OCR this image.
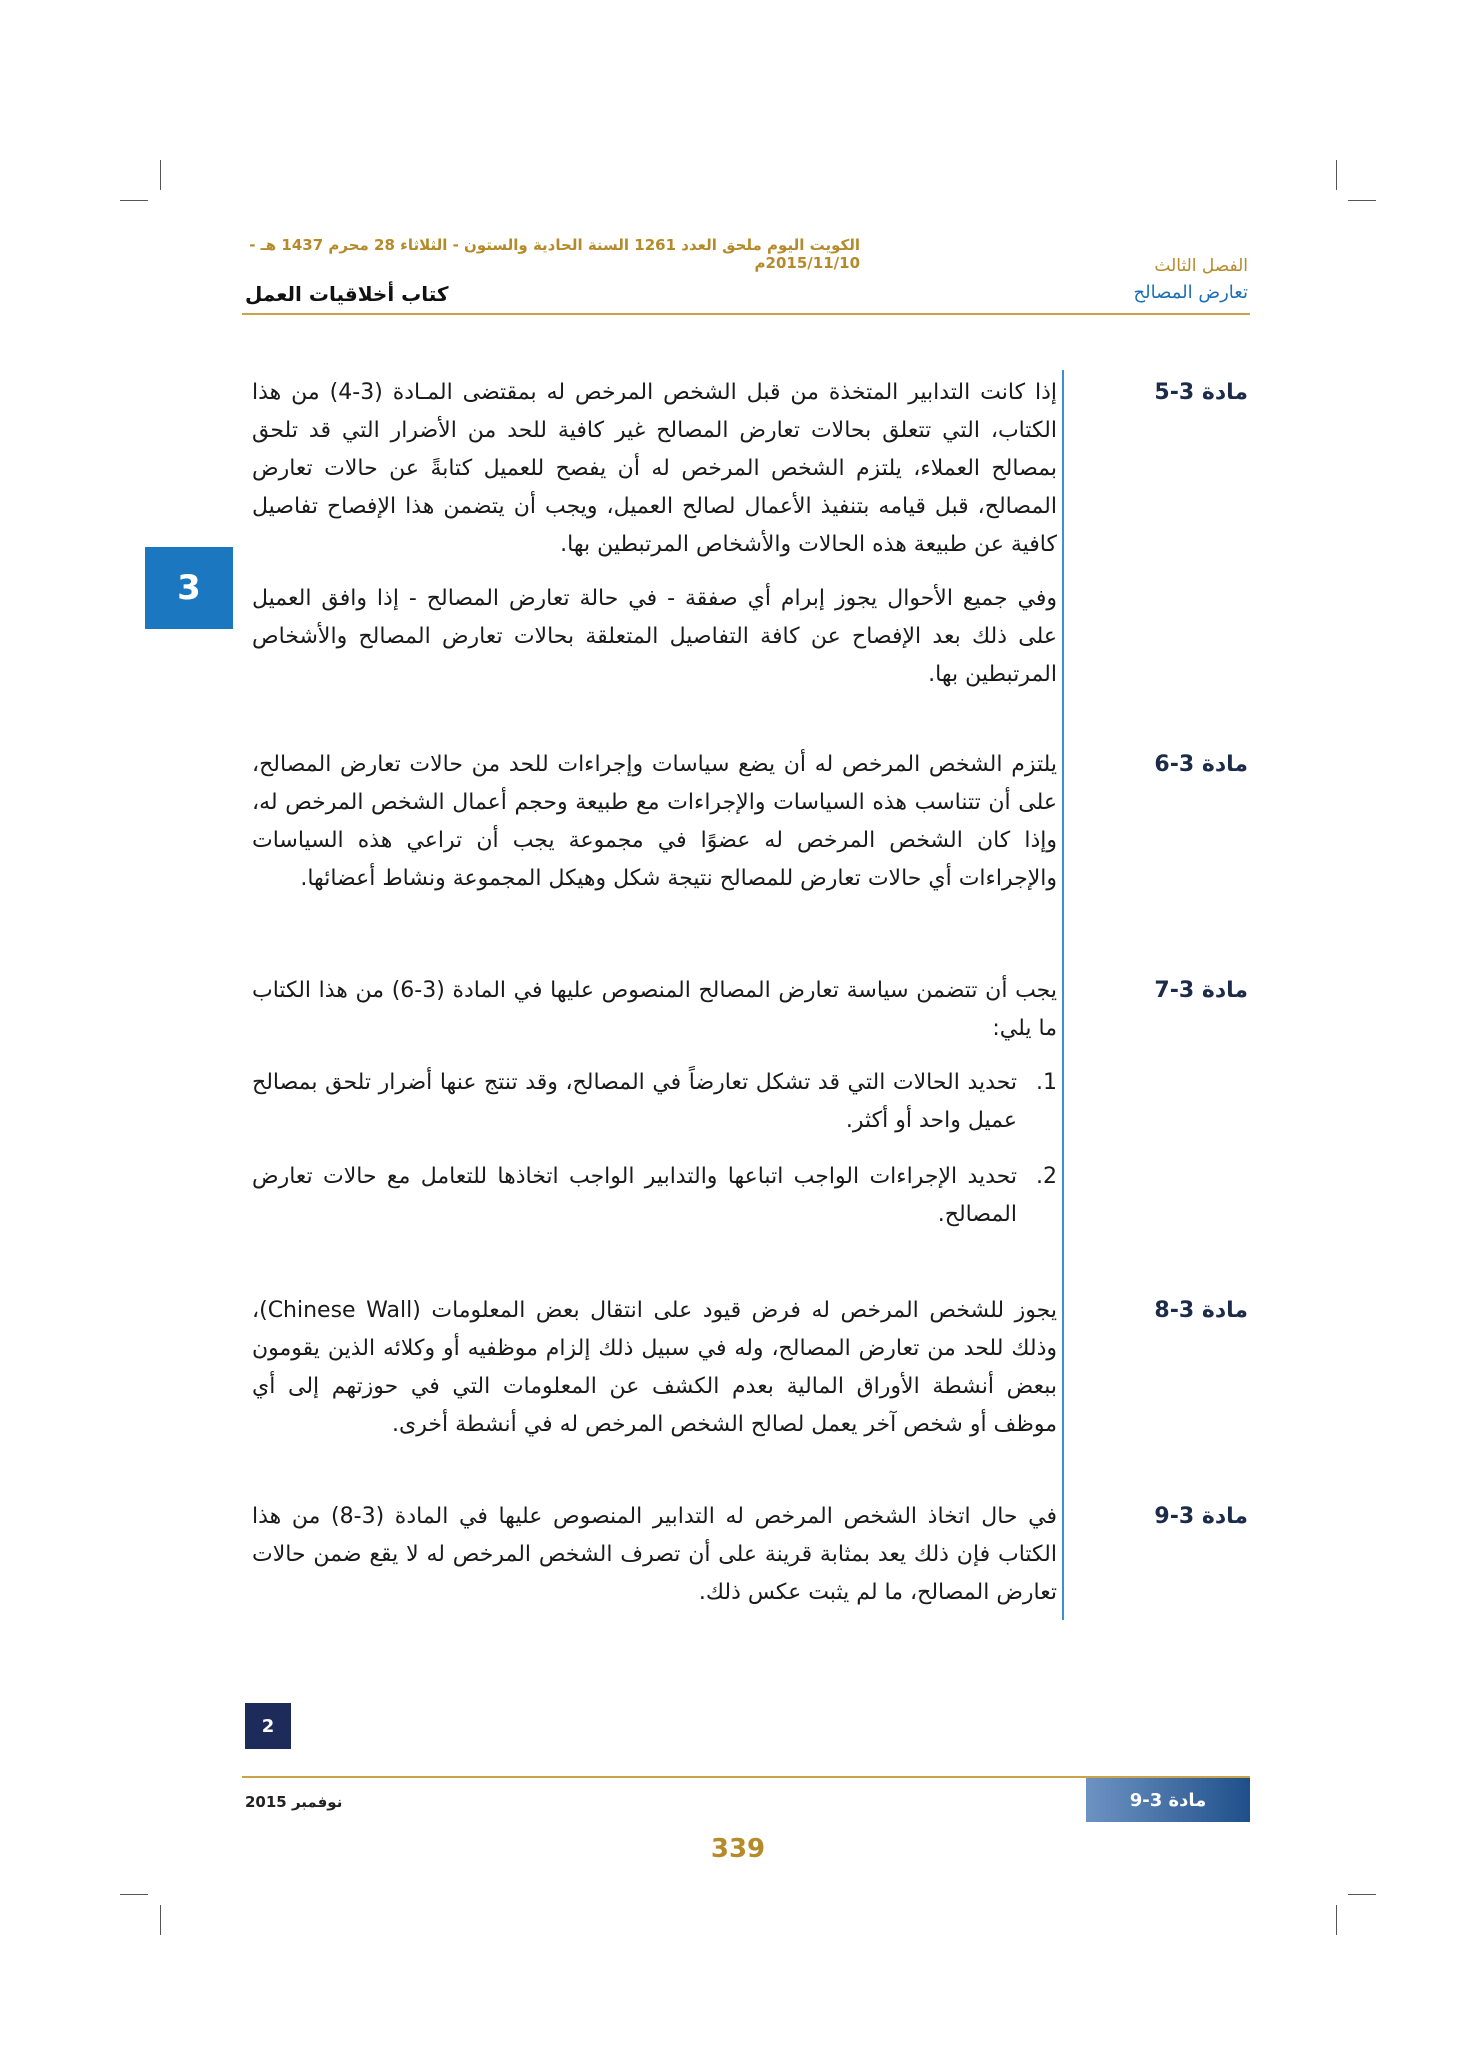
الكويت اليوم ملحق العدد 1261 السنة الحادية والستون - الثلاثاء 28 محرم 1437 هـ - 2015/11/10م	الفصل الثالث
تعارض المصالح
كتاب أخلاقيات العمل
3
مادة 3-5

إذا كانت التدابير المتخذة من قبل الشخص المرخص له بمقتضى المـادة (3-4) من هذا الكتاب، التي تتعلق بحالات تعارض المصالح غير كافية للحد من الأضرار التي قد تلحق بمصالح العملاء، يلتزم الشخص المرخص له أن يفصح للعميل كتابةً عن حالات تعارض المصالح، قبل قيامه بتنفيذ الأعمال لصالح العميل، ويجب أن يتضمن هذا الإفصاح تفاصيل كافية عن طبيعة هذه الحالات والأشخاص المرتبطين بها.

وفي جميع الأحوال يجوز إبرام أي صفقة - في حالة تعارض المصالح - إذا وافق العميل على ذلك بعد الإفصاح عن كافة التفاصيل المتعلقة بحالات تعارض المصالح والأشخاص المرتبطين بها.

مادة 3-6

يلتزم الشخص المرخص له أن يضع سياسات وإجراءات للحد من حالات تعارض المصالح، على أن تتناسب هذه السياسات والإجراءات مع طبيعة وحجم أعمال الشخص المرخص له، وإذا كان الشخص المرخص له عضوًا في مجموعة يجب أن تراعي هذه السياسات والإجراءات أي حالات تعارض للمصالح نتيجة شكل وهيكل المجموعة ونشاط أعضائها.

مادة 3-7

يجب أن تتضمن سياسة تعارض المصالح المنصوص عليها في المادة (3-6) من هذا الكتاب ما يلي:

1.
تحديد الحالات التي قد تشكل تعارضاً في المصالح، وقد تنتج عنها أضرار تلحق بمصالح عميل واحد أو أكثر.
2.
تحديد الإجراءات الواجب اتباعها والتدابير الواجب اتخاذها للتعامل مع حالات تعارض المصالح.
مادة 3-8

يجوز للشخص المرخص له فرض قيود على انتقال بعض المعلومات (Chinese Wall)، وذلك للحد من تعارض المصالح، وله في سبيل ذلك إلزام موظفيه أو وكلائه الذين يقومون ببعض أنشطة الأوراق المالية بعدم الكشف عن المعلومات التي في حوزتهم إلى أي موظف أو شخص آخر يعمل لصالح الشخص المرخص له في أنشطة أخرى.

مادة 3-9

في حال اتخاذ الشخص المرخص له التدابير المنصوص عليها في المادة (3-8) من هذا الكتاب فإن ذلك يعد بمثابة قرينة على أن تصرف الشخص المرخص له لا يقع ضمن حالات تعارض المصالح، ما لم يثبت عكس ذلك.

2
نوفمبر 2015	مادة 3-9
339
